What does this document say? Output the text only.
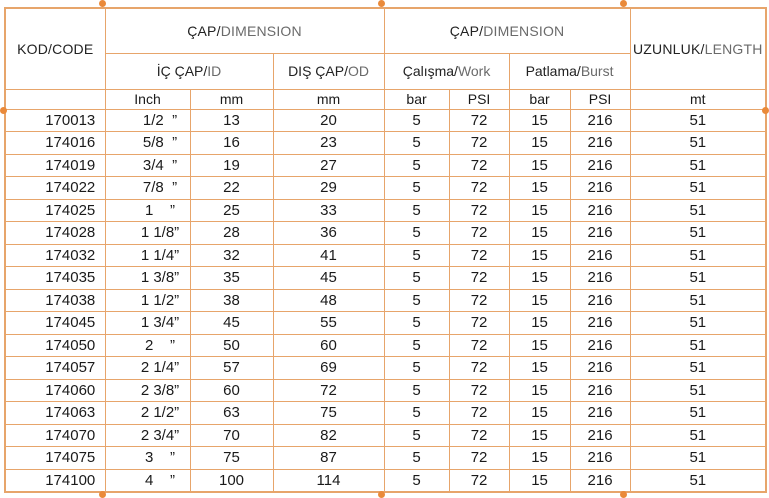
KOD/CODE	ÇAP/DIMENSION			ÇAP/DIMENSION				UZUNLUK/LENGTH
	İÇ ÇAP/ID		DIŞ ÇAP/OD	Çalışma/Work		Patlama/Burst		
	Inch	mm	mm	bar	PSI	bar	PSI	mt
170013	1/2  ”	13	20	5	72	15	216	51
174016	5/8  ”	16	23	5	72	15	216	51
174019	3/4  ”	19	27	5	72	15	216	51
174022	7/8  ”	22	29	5	72	15	216	51
174025	1    ”	25	33	5	72	15	216	51
174028	1 1/8”	28	36	5	72	15	216	51
174032	1 1/4”	32	41	5	72	15	216	51
174035	1 3/8”	35	45	5	72	15	216	51
174038	1 1/2”	38	48	5	72	15	216	51
174045	1 3/4”	45	55	5	72	15	216	51
174050	2    ”	50	60	5	72	15	216	51
174057	2 1/4”	57	69	5	72	15	216	51
174060	2 3/8”	60	72	5	72	15	216	51
174063	2 1/2”	63	75	5	72	15	216	51
174070	2 3/4”	70	82	5	72	15	216	51
174075	3    ”	75	87	5	72	15	216	51
174100	4    ”	100	114	5	72	15	216	51
